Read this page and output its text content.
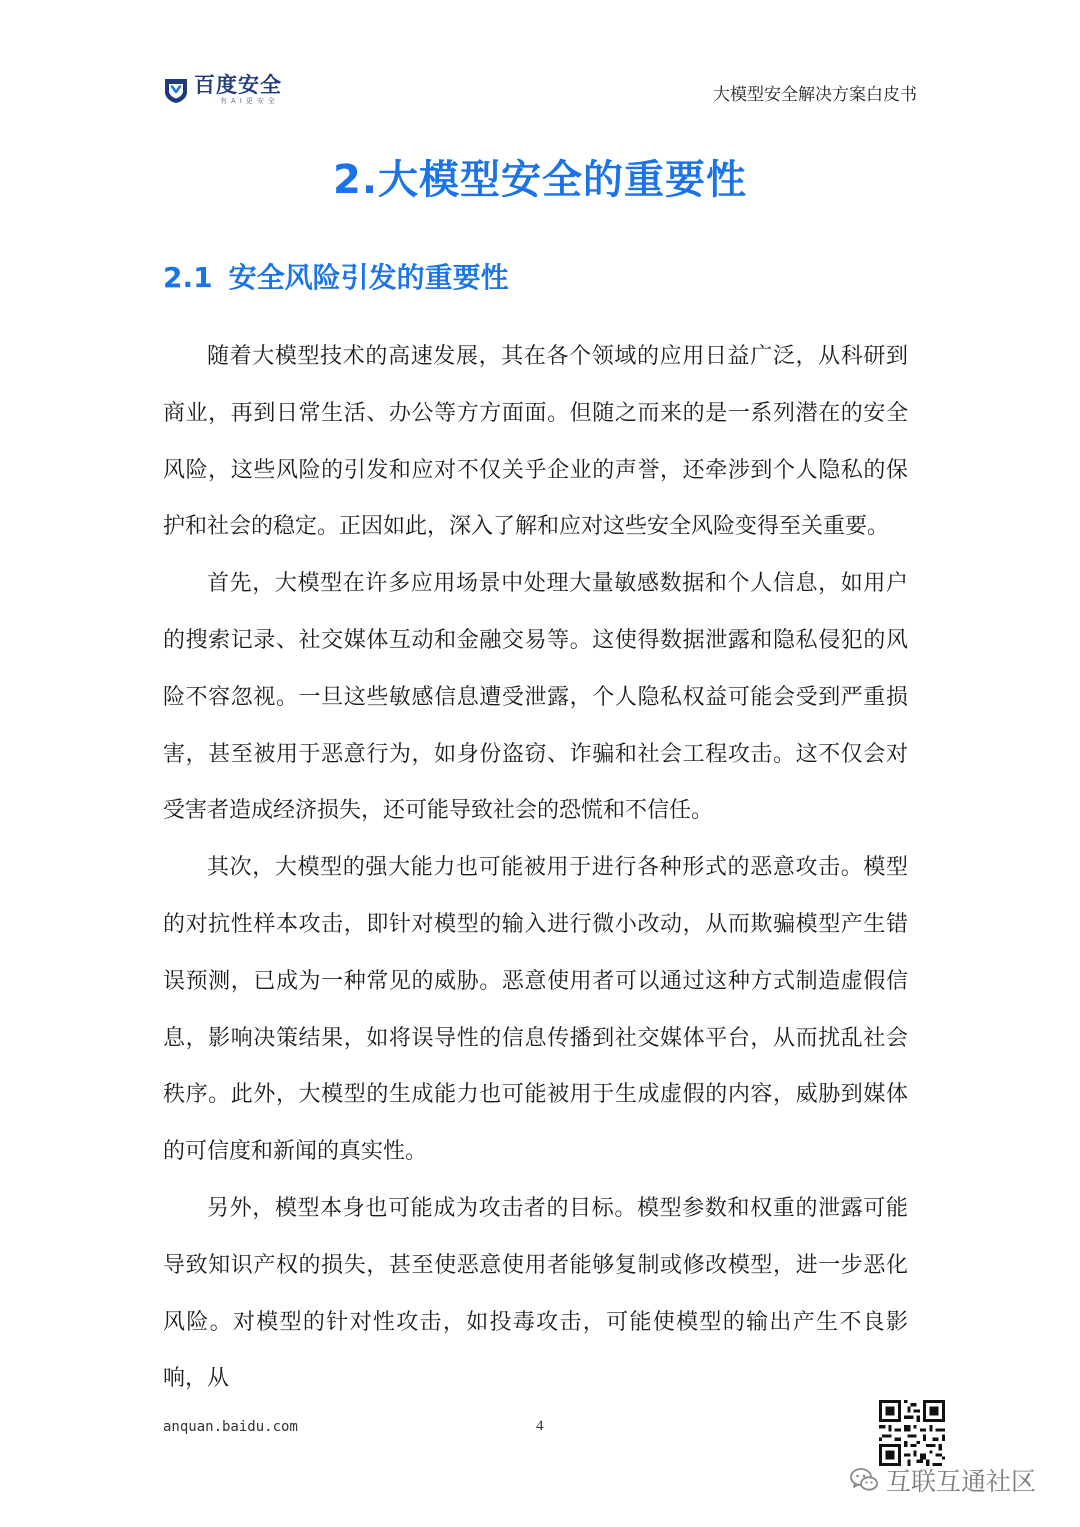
百度安全
有AI更安全	大模型安全解决方案白皮书
2.大模型安全的重要性
2.1 安全风险引发的重要性

随着大模型技术的高速发展，其在各个领域的应用日益广泛，从科研到商业，再到日常生活、办公等方方面面。但随之而来的是一系列潜在的安全风险，这些风险的引发和应对不仅关乎企业的声誉，还牵涉到个人隐私的保护和社会的稳定。正因如此，深入了解和应对这些安全风险变得至关重要。

首先，大模型在许多应用场景中处理大量敏感数据和个人信息，如用户的搜索记录、社交媒体互动和金融交易等。这使得数据泄露和隐私侵犯的风险不容忽视。一旦这些敏感信息遭受泄露，个人隐私权益可能会受到严重损害，甚至被用于恶意行为，如身份盗窃、诈骗和社会工程攻击。这不仅会对受害者造成经济损失，还可能导致社会的恐慌和不信任。

其次，大模型的强大能力也可能被用于进行各种形式的恶意攻击。模型的对抗性样本攻击，即针对模型的输入进行微小改动，从而欺骗模型产生错误预测，已成为一种常见的威胁。恶意使用者可以通过这种方式制造虚假信息，影响决策结果，如将误导性的信息传播到社交媒体平台，从而扰乱社会秩序。此外，大模型的生成能力也可能被用于生成虚假的内容，威胁到媒体的可信度和新闻的真实性。

另外，模型本身也可能成为攻击者的目标。模型参数和权重的泄露可能导致知识产权的损失，甚至使恶意使用者能够复制或修改模型，进一步恶化风险。对模型的针对性攻击，如投毒攻击，可能使模型的输出产生不良影响，从

anquan.baidu.com	4
互联互通社区
